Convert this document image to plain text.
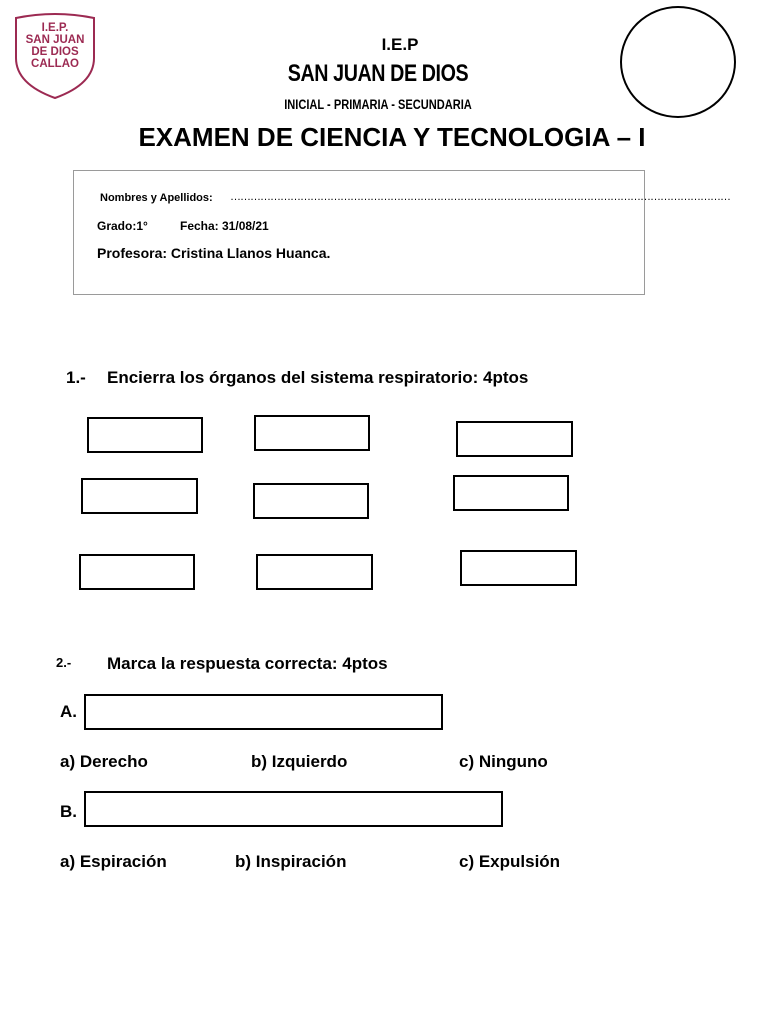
I.E.P.
SAN JUAN
DE DIOS
CALLAO
I.E.P
SAN JUAN DE DIOS
INICIAL - PRIMARIA - SECUNDARIA
EXAMEN DE CIENCIA Y TECNOLOGIA – I
Nombres y Apellidos: ……………………………………………………………………………………………………………………………………
Grado:1°	Fecha: 31/08/21
Profesora: Cristina Llanos Huanca.
1.- Encierra los órganos del sistema respiratorio: 4ptos
2.- Marca la respuesta correcta: 4ptos
A.
a) Derecho	b) Izquierdo	c) Ninguno
B.
a) Espiración	b) Inspiración	c) Expulsión
